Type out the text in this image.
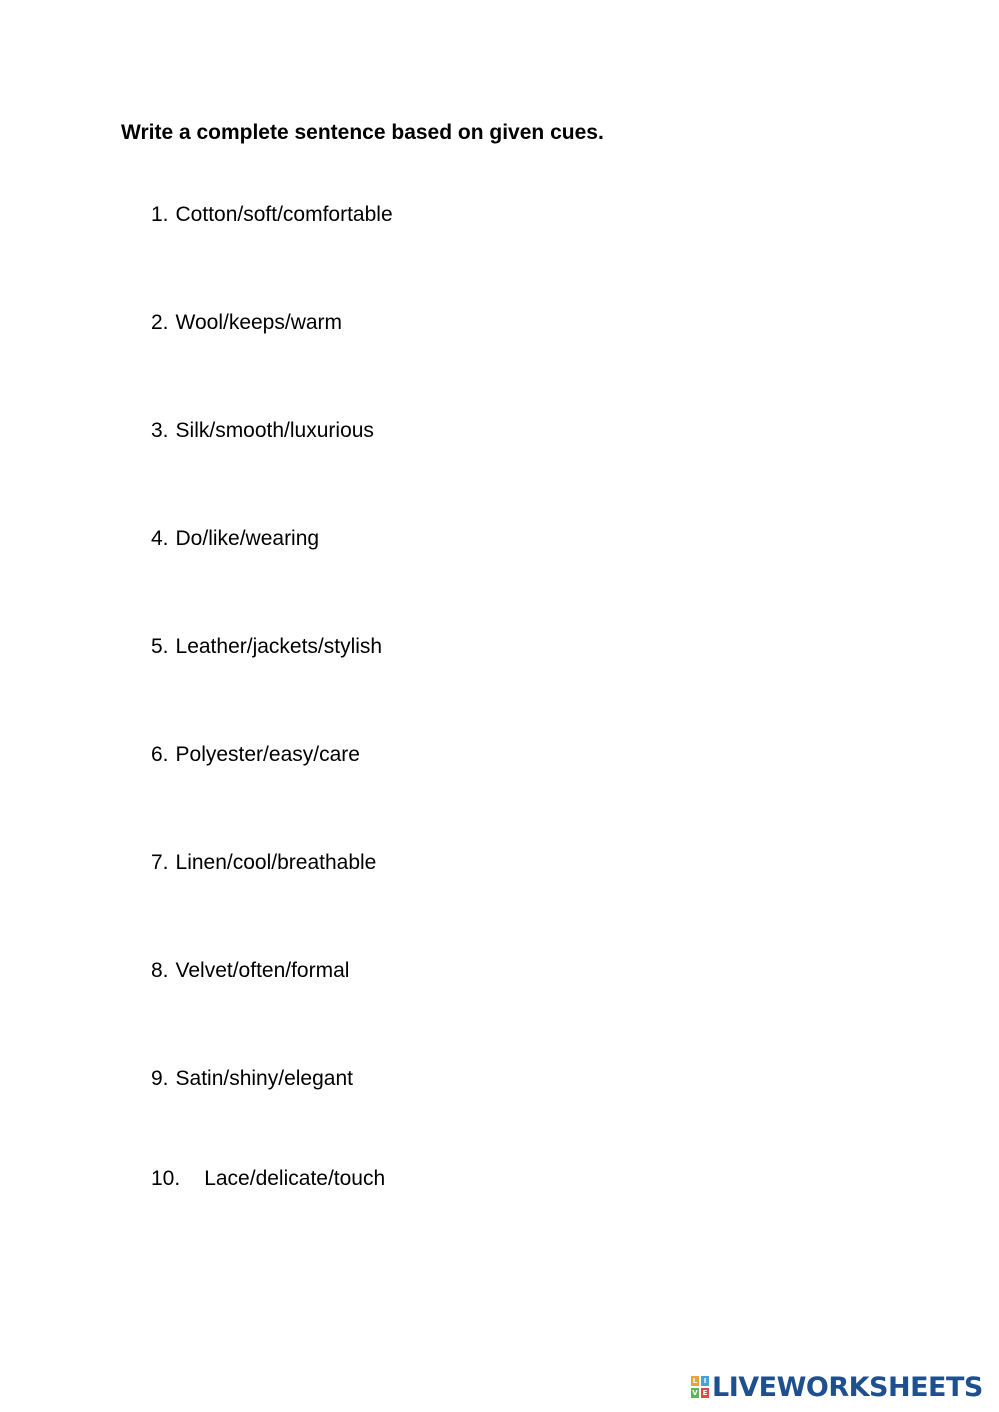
Write a complete sentence based on given cues.
1. Cotton/soft/comfortable
2. Wool/keeps/warm
3. Silk/smooth/luxurious
4. Do/like/wearing
5. Leather/jackets/stylish
6. Polyester/easy/care
7. Linen/cool/breathable
8. Velvet/often/formal
9. Satin/shiny/elegant
10. Lace/delicate/touch
L I
V E LIVEWORKSHEETS
